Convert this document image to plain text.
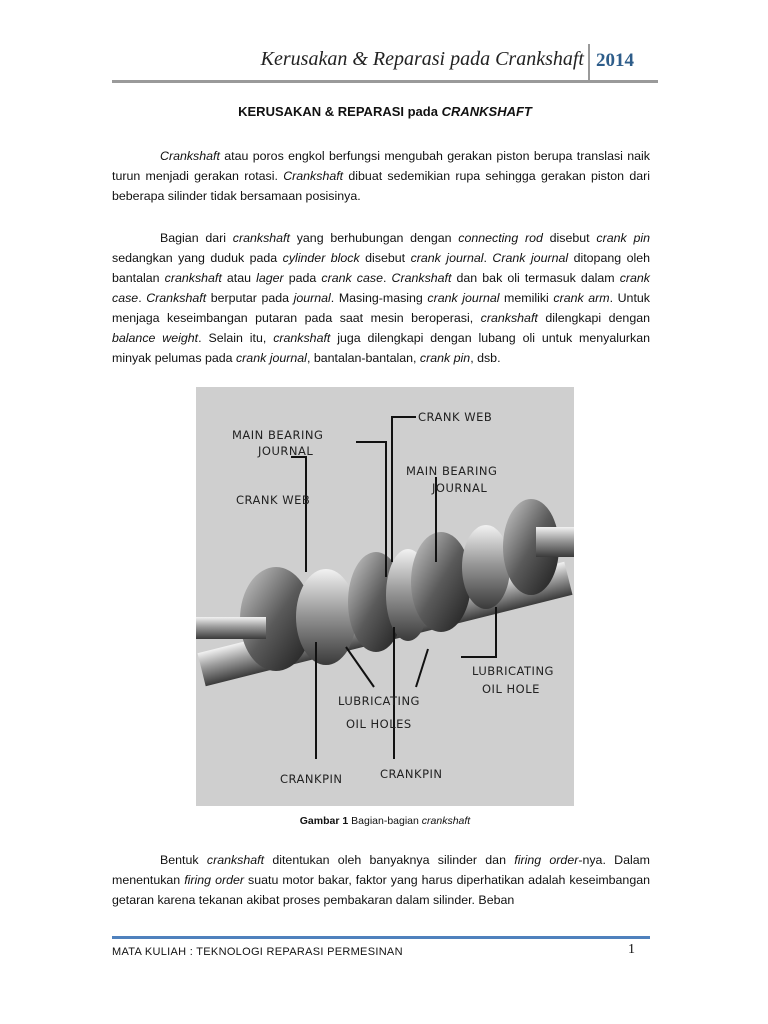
Kerusakan & Reparasi pada Crankshaft 2014
KERUSAKAN & REPARASI pada CRANKSHAFT

Crankshaft atau poros engkol berfungsi mengubah gerakan piston berupa translasi naik turun menjadi gerakan rotasi. Crankshaft dibuat sedemikian rupa sehingga gerakan piston dari beberapa silinder tidak bersamaan posisinya.

Bagian dari crankshaft yang berhubungan dengan connecting rod disebut crank pin sedangkan yang duduk pada cylinder block disebut crank journal. Crank journal ditopang oleh bantalan crankshaft atau lager pada crank case. Crankshaft dan bak oli termasuk dalam crank case. Crankshaft berputar pada journal. Masing-masing crank journal memiliki crank arm. Untuk menjaga keseimbangan putaran pada saat mesin beroperasi, crankshaft dilengkapi dengan balance weight. Selain itu, crankshaft juga dilengkapi dengan lubang oli untuk menyalurkan minyak pelumas pada crank journal, bantalan-bantalan, crank pin, dsb.

CRANK WEB
MAIN BEARING
JOURNAL
CRANK WEB
MAIN BEARING
JOURNAL
LUBRICATING
OIL HOLE
LUBRICATING
OIL HOLES
CRANKPIN	CRANKPIN
Gambar 1 Bagian-bagian crankshaft

Bentuk crankshaft ditentukan oleh banyaknya silinder dan firing order-nya. Dalam menentukan firing order suatu motor bakar, faktor yang harus diperhatikan adalah keseimbangan getaran karena tekanan akibat proses pembakaran dalam silinder. Beban

MATA KULIAH : TEKNOLOGI REPARASI PERMESINAN	1
